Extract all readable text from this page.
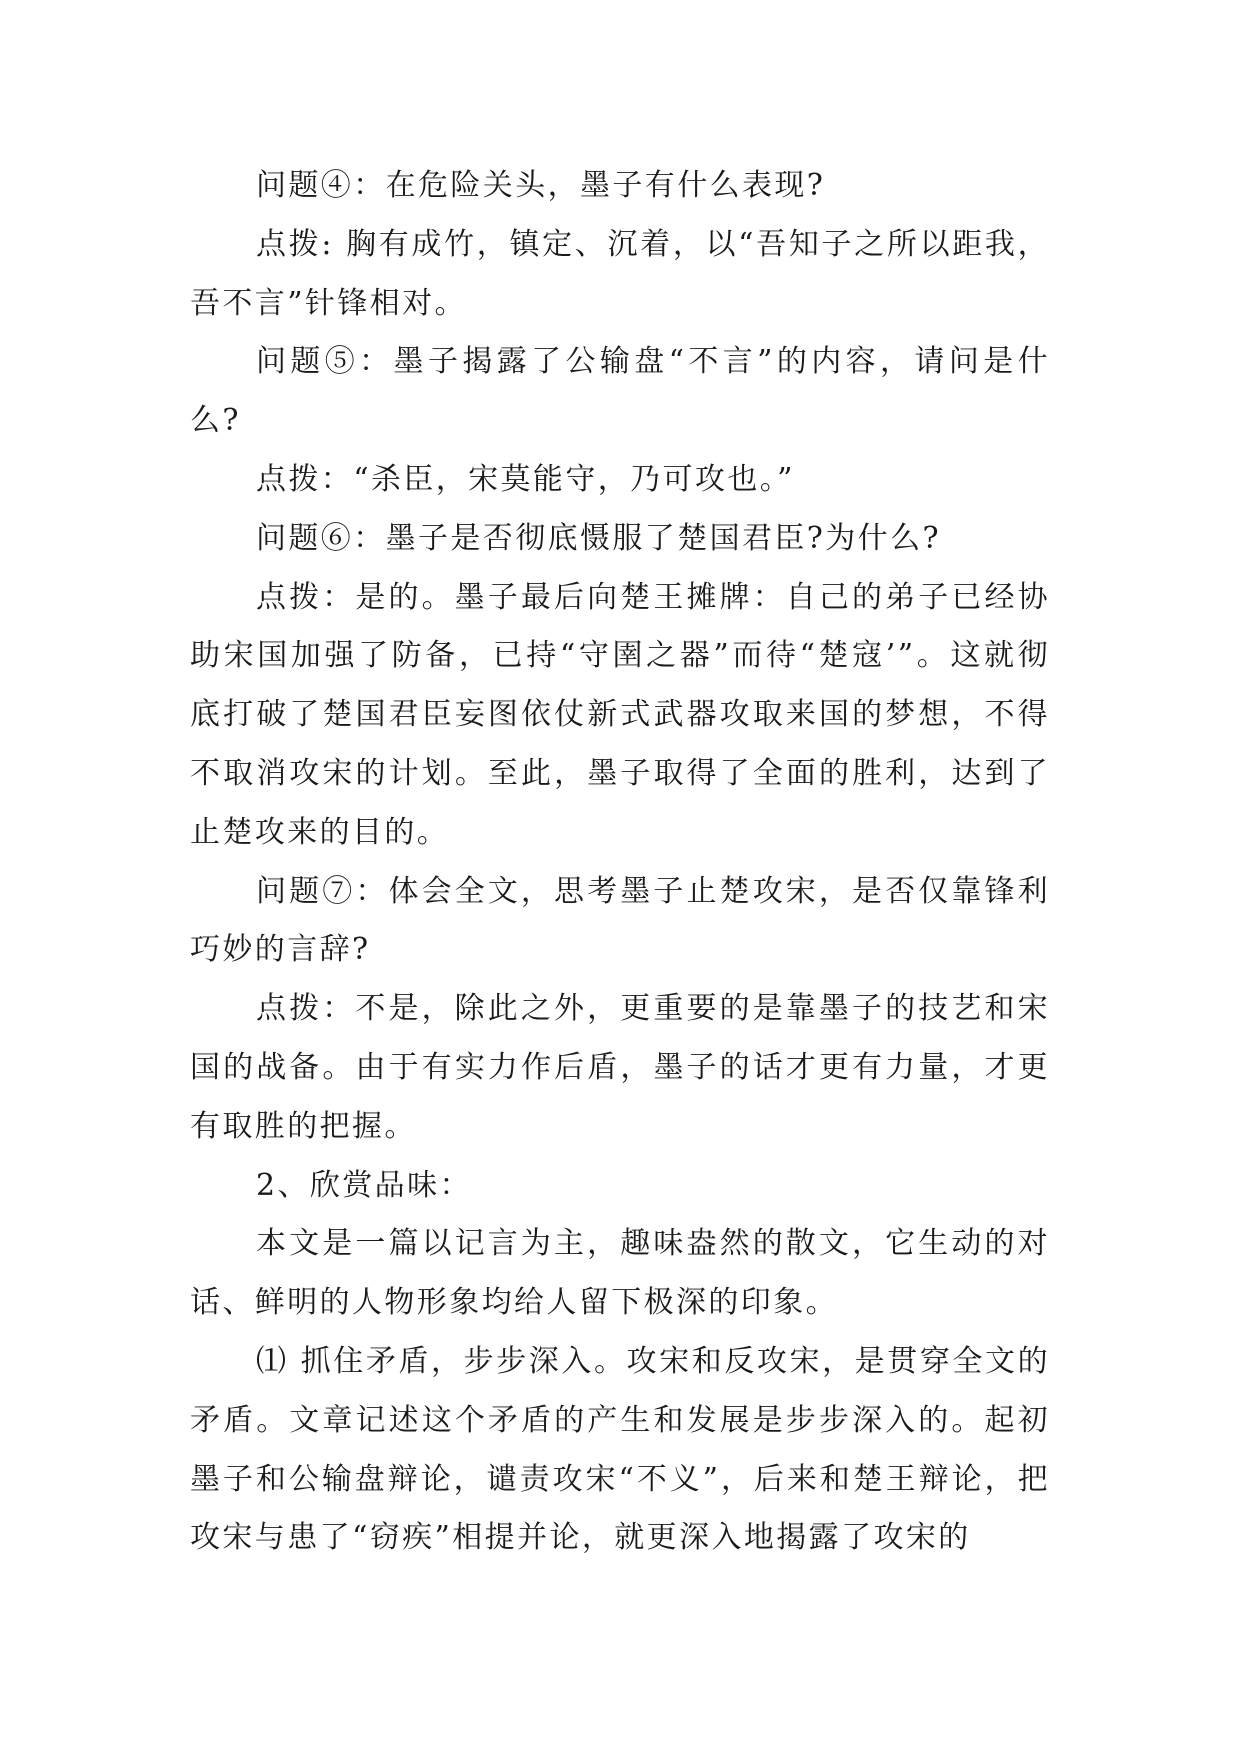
问题④：在危险关头，墨子有什么表现?

点拨: 胸有成竹，镇定、沉着，以“吾知子之所以距我，吾不言”针锋相对。

问题⑤：墨子揭露了公输盘“不言”的内容，请问是什么?

点拨：“杀臣，宋莫能守，乃可攻也。”

问题⑥：墨子是否彻底慑服了楚国君臣?为什么?

点拨：是的。墨子最后向楚王摊牌：自己的弟子已经协助宋国加强了防备，已持“守圉之器”而待“楚寇’”。这就彻底打破了楚国君臣妄图依仗新式武器攻取来国的梦想，不得不取消攻宋的计划。至此，墨子取得了全面的胜利，达到了止楚攻来的目的。

问题⑦：体会全文，思考墨子止楚攻宋，是否仅靠锋利巧妙的言辞?

点拨：不是，除此之外，更重要的是靠墨子的技艺和宋国的战备。由于有实力作后盾，墨子的话才更有力量，才更有取胜的把握。

2、欣赏品味：

本文是一篇以记言为主，趣味盎然的散文，它生动的对话、鲜明的人物形象均给人留下极深的印象。

⑴ 抓住矛盾，步步深入。攻宋和反攻宋，是贯穿全文的矛盾。文章记述这个矛盾的产生和发展是步步深入的。起初墨子和公输盘辩论，谴责攻宋“不义”，后来和楚王辩论，把攻宋与患了“窃疾”相提并论，就更深入地揭露了攻宋的
